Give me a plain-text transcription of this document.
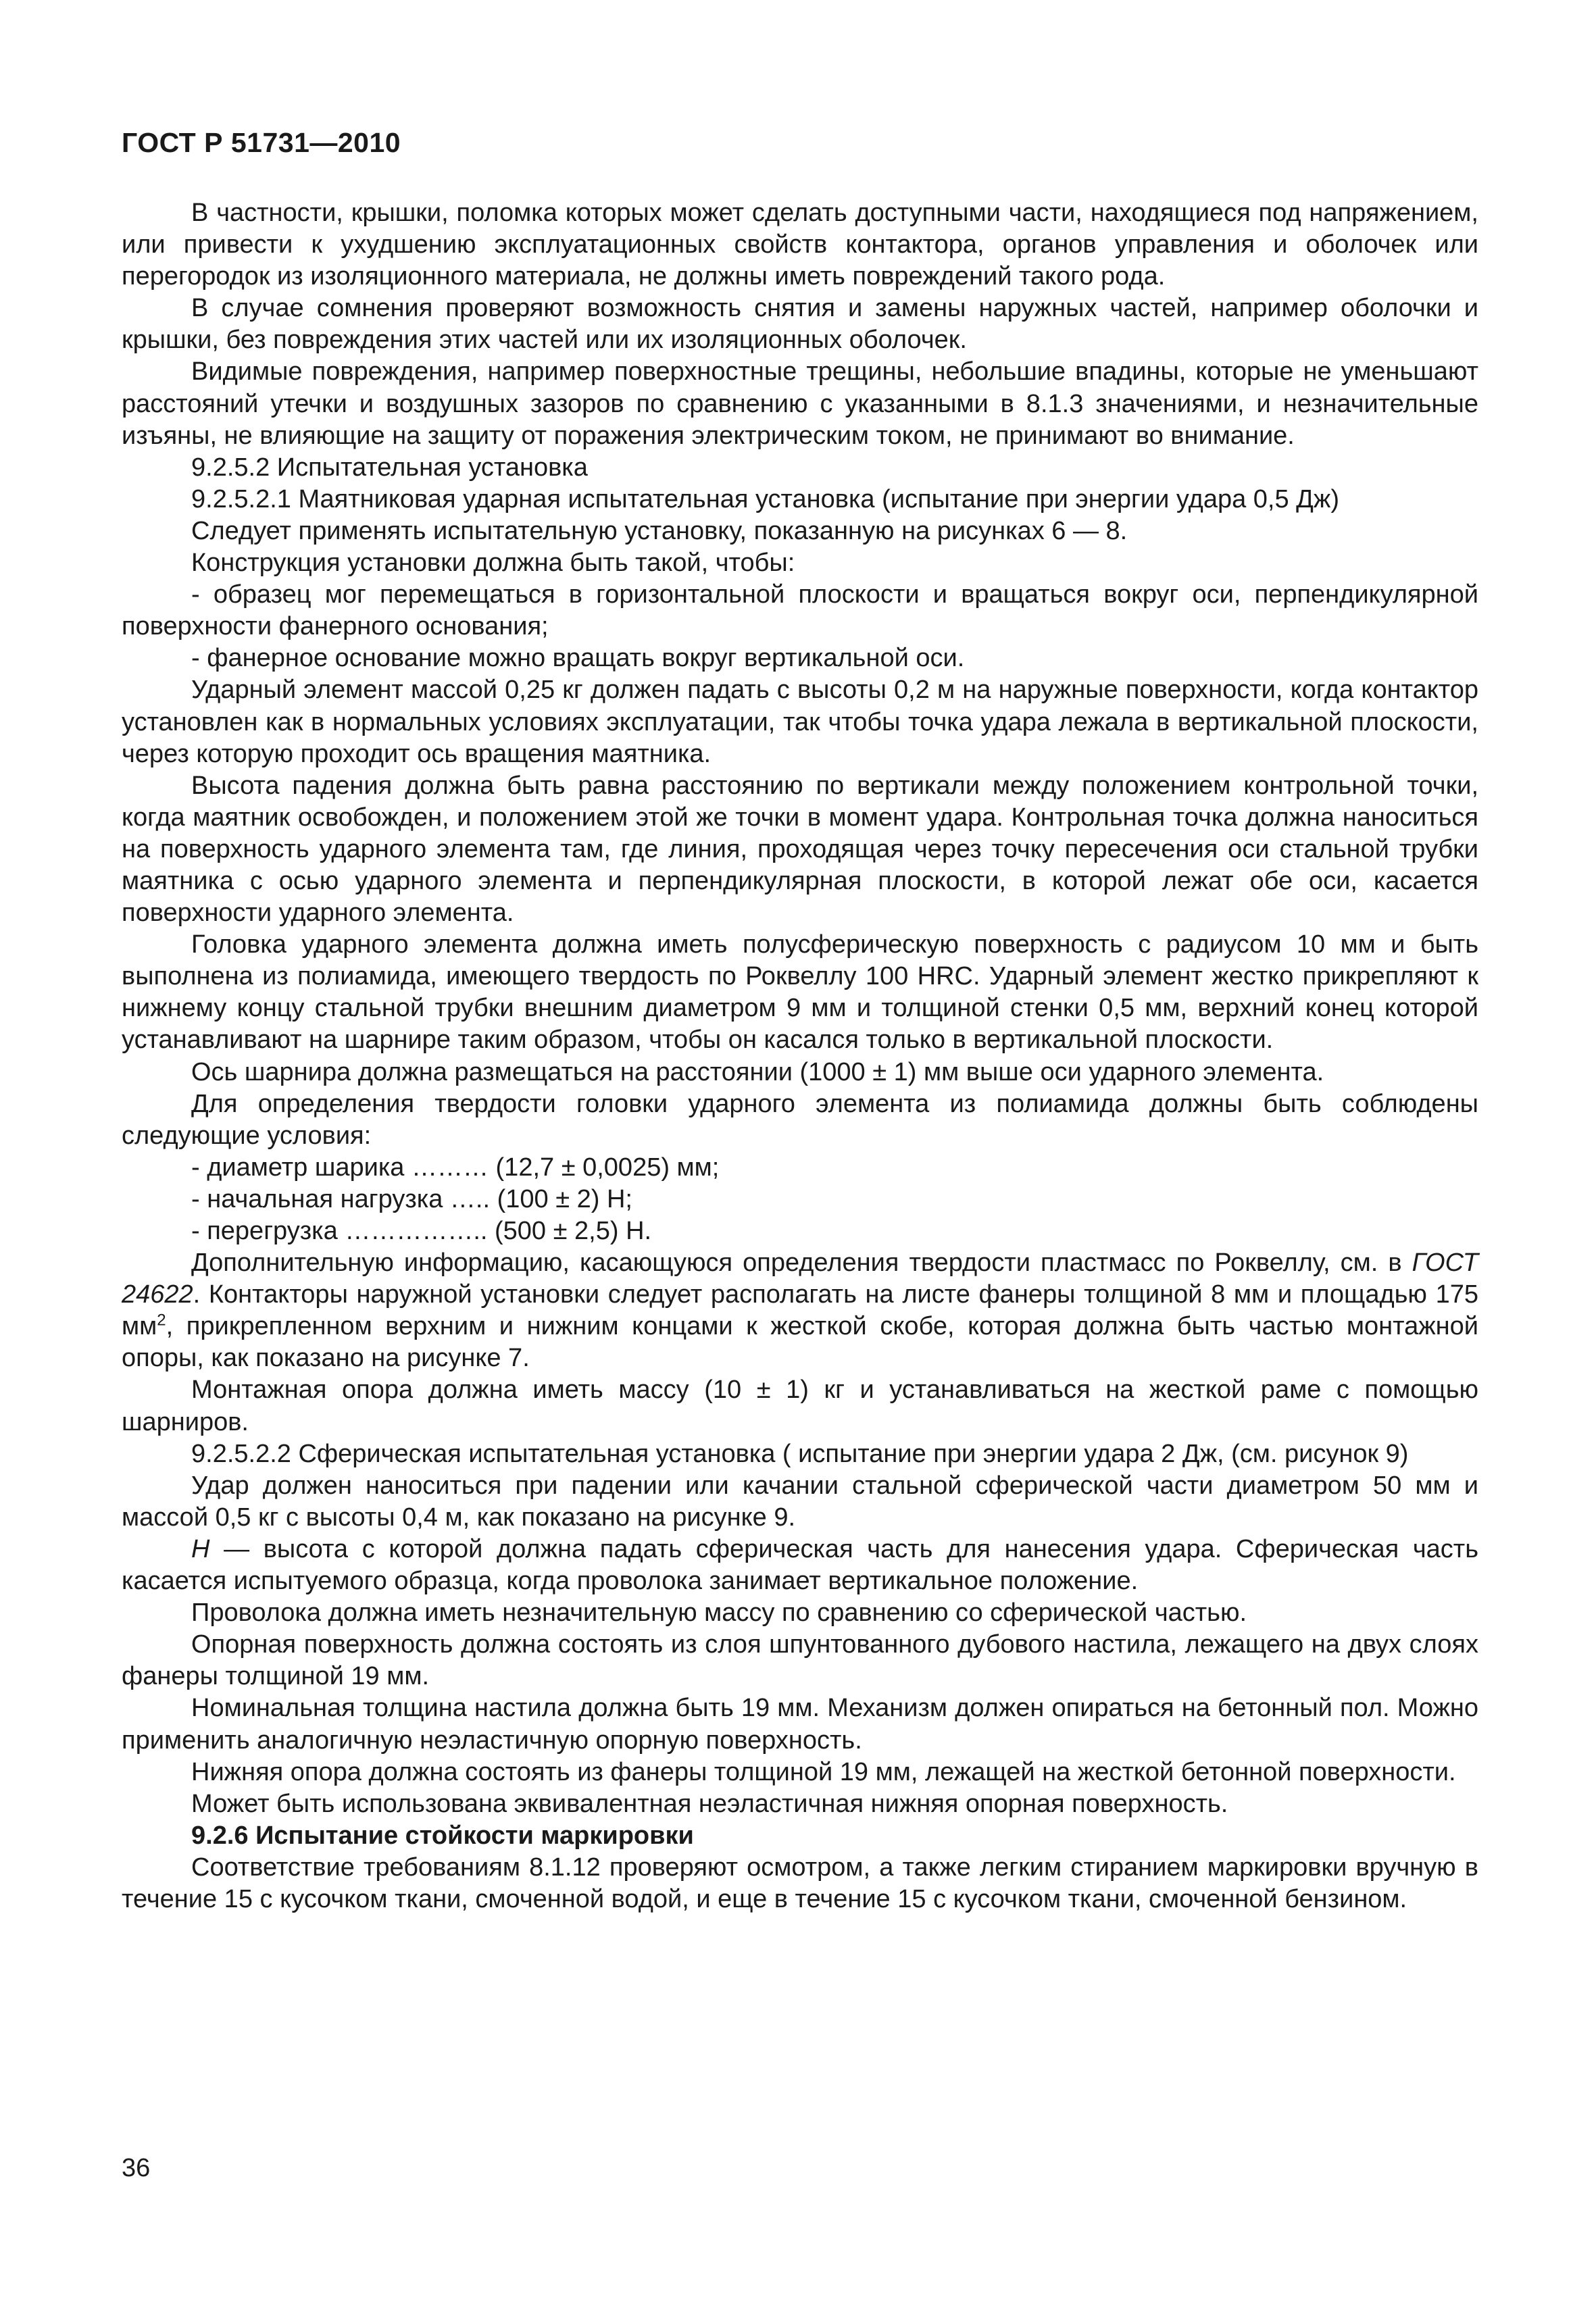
ГОСТ Р 51731—2010

В частности, крышки, поломка которых может сделать доступными части, находящиеся под напряжением, или привести к ухудшению эксплуатационных свойств контактора, органов управления и оболочек или перегородок из изоляционного материала, не должны иметь повреждений такого рода.

В случае сомнения проверяют возможность снятия и замены наружных частей, например оболочки и крышки, без повреждения этих частей или их изоляционных оболочек.

Видимые повреждения, например поверхностные трещины, небольшие впадины, которые не уменьшают расстояний утечки и воздушных зазоров по сравнению с указанными в 8.1.3 значениями, и незначительные изъяны, не влияющие на защиту от поражения электрическим током, не принимают во внимание.

9.2.5.2 Испытательная установка

9.2.5.2.1 Маятниковая ударная испытательная установка (испытание при энергии удара 0,5 Дж)

Следует применять испытательную установку, показанную на рисунках 6 — 8.

Конструкция установки должна быть такой, чтобы:

- образец мог перемещаться в горизонтальной плоскости и вращаться вокруг оси, перпендикулярной поверхности фанерного основания;

- фанерное основание можно вращать вокруг вертикальной оси.

Ударный элемент массой 0,25 кг должен падать с высоты 0,2 м на наружные поверхности, когда контактор установлен как в нормальных условиях эксплуатации, так чтобы точка удара лежала в вертикальной плоскости, через которую проходит ось вращения маятника.

Высота падения должна быть равна расстоянию по вертикали между положением контрольной точки, когда маятник освобожден, и положением этой же точки в момент удара. Контрольная точка должна наноситься на поверхность ударного элемента там, где линия, проходящая через точку пересечения оси стальной трубки маятника с осью ударного элемента и перпендикулярная плоскости, в которой лежат обе оси, касается поверхности ударного элемента.

Головка ударного элемента должна иметь полусферическую поверхность с радиусом 10 мм и быть выполнена из полиамида, имеющего твердость по Роквеллу 100 HRC. Ударный элемент жестко прикрепляют к нижнему концу стальной трубки внешним диаметром 9 мм и толщиной стенки 0,5 мм, верхний конец которой устанавливают на шарнире таким образом, чтобы он касался только в вертикальной плоскости.

Ось шарнира должна размещаться на расстоянии (1000 ± 1) мм выше оси ударного элемента.

Для определения твердости головки ударного элемента из полиамида должны быть соблюдены следующие условия:

- диаметр шарика ……… (12,7 ± 0,0025) мм;

- начальная нагрузка ….. (100 ± 2) Н;

- перегрузка …………….. (500 ± 2,5) Н.

Дополнительную информацию, касающуюся определения твердости пластмасс по Роквеллу, см. в ГОСТ 24622. Контакторы наружной установки следует располагать на листе фанеры толщиной 8 мм и площадью 175 $мм^2$, прикрепленном верхним и нижним концами к жесткой скобе, которая должна быть частью монтажной опоры, как показано на рисунке 7.

Монтажная опора должна иметь массу (10 ± 1) кг и устанавливаться на жесткой раме с помощью шарниров.

9.2.5.2.2 Сферическая испытательная установка ( испытание при энергии удара 2 Дж, (см. рисунок 9)

Удар должен наноситься при падении или качании стальной сферической части диаметром 50 мм и массой 0,5 кг с высоты 0,4 м, как показано на рисунке 9.

Н — высота с которой должна падать сферическая часть для нанесения удара. Сферическая часть касается испытуемого образца, когда проволока занимает вертикальное положение.

Проволока должна иметь незначительную массу по сравнению со сферической частью.

Опорная поверхность должна состоять из слоя шпунтованного дубового настила, лежащего на двух слоях фанеры толщиной 19 мм.

Номинальная толщина настила должна быть 19 мм. Механизм должен опираться на бетонный пол. Можно применить аналогичную неэластичную опорную поверхность.

Нижняя опора должна состоять из фанеры толщиной 19 мм, лежащей на жесткой бетонной поверхности.

Может быть использована эквивалентная неэластичная нижняя опорная поверхность.

9.2.6 Испытание стойкости маркировки

Соответствие требованиям 8.1.12 проверяют осмотром, а также легким стиранием маркировки вручную в течение 15 с кусочком ткани, смоченной водой, и еще в течение 15 с кусочком ткани, смоченной бензином.

36
